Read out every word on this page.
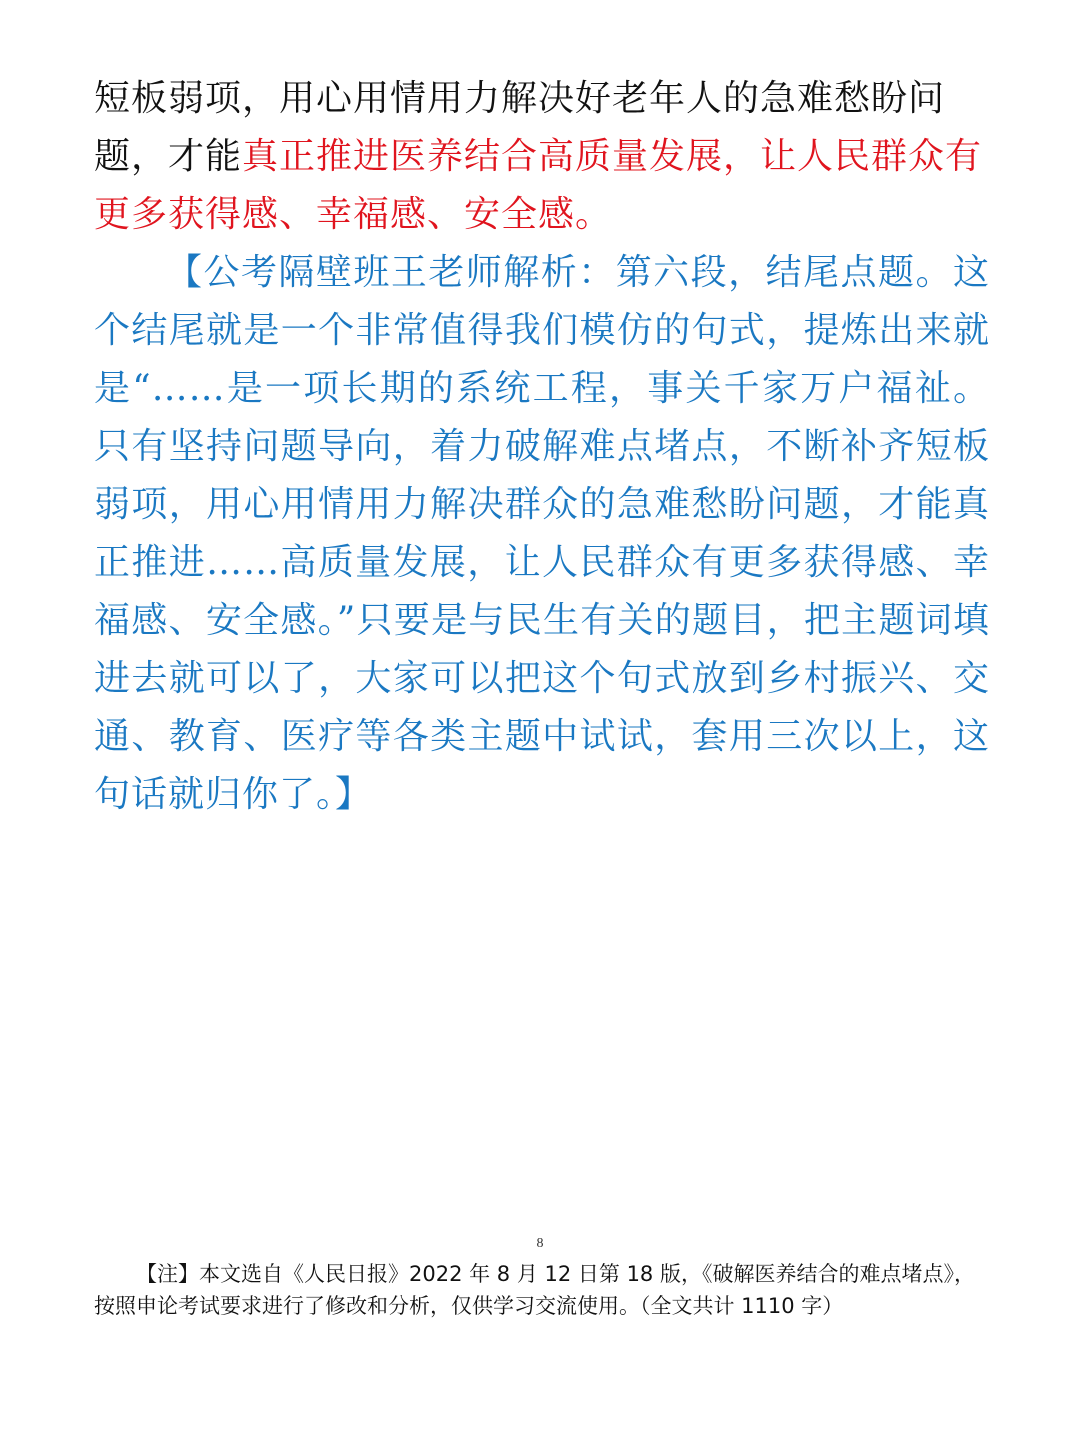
短板弱项，用心用情用力解决好老年人的急难愁盼问题，才能真正推进医养结合高质量发展，让人民群众有更多获得感、幸福感、安全感。

【公考隔壁班王老师解析：第六段，结尾点题。这个结尾就是一个非常值得我们模仿的句式，提炼出来就是“……是一项长期的系统工程，事关千家万户福祉。只有坚持问题导向，着力破解难点堵点，不断补齐短板弱项，用心用情用力解决群众的急难愁盼问题，才能真正推进……高质量发展，让人民群众有更多获得感、幸福感、安全感。”只要是与民生有关的题目，把主题词填进去就可以了，大家可以把这个句式放到乡村振兴、交通、教育、医疗等各类主题中试试，套用三次以上，这句话就归你了。】

8

【注】本文选自《人民日报》2022 年 8 月 12 日第 18 版，《破解医养结合的难点堵点》，按照申论考试要求进行了修改和分析，仅供学习交流使用。（全文共计 1110 字）
